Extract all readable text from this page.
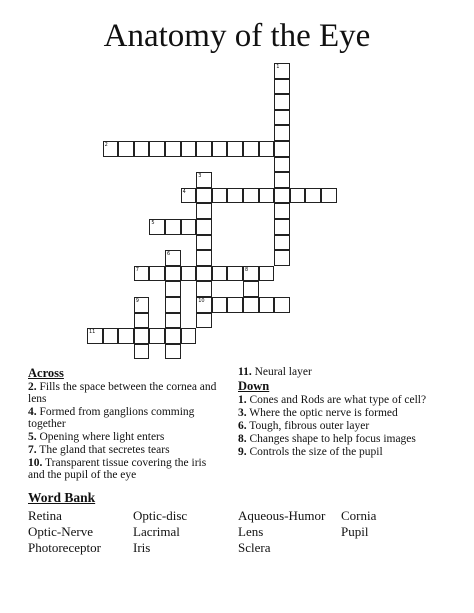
Anatomy of the Eye
2
4
5
7	8
10
11
1
3
6
9
Across
2. Fills the space between the cornea and lens
4. Formed from ganglions comming together
5. Opening where light enters
7. The gland that secretes tears
10. Transparent tissue covering the iris and the pupil of the eye
11. Neural layer
Down
1. Cones and Rods are what type of cell?
3. Where the optic nerve is formed
6. Tough, fibrous outer layer
8. Changes shape to help focus images
9. Controls the size of the pupil
Word Bank
Retina	Optic-disc	Aqueous-Humor Cornia
Optic-Nerve	Lacrimal	Lens	Pupil
Photoreceptor Iris	Sclera
